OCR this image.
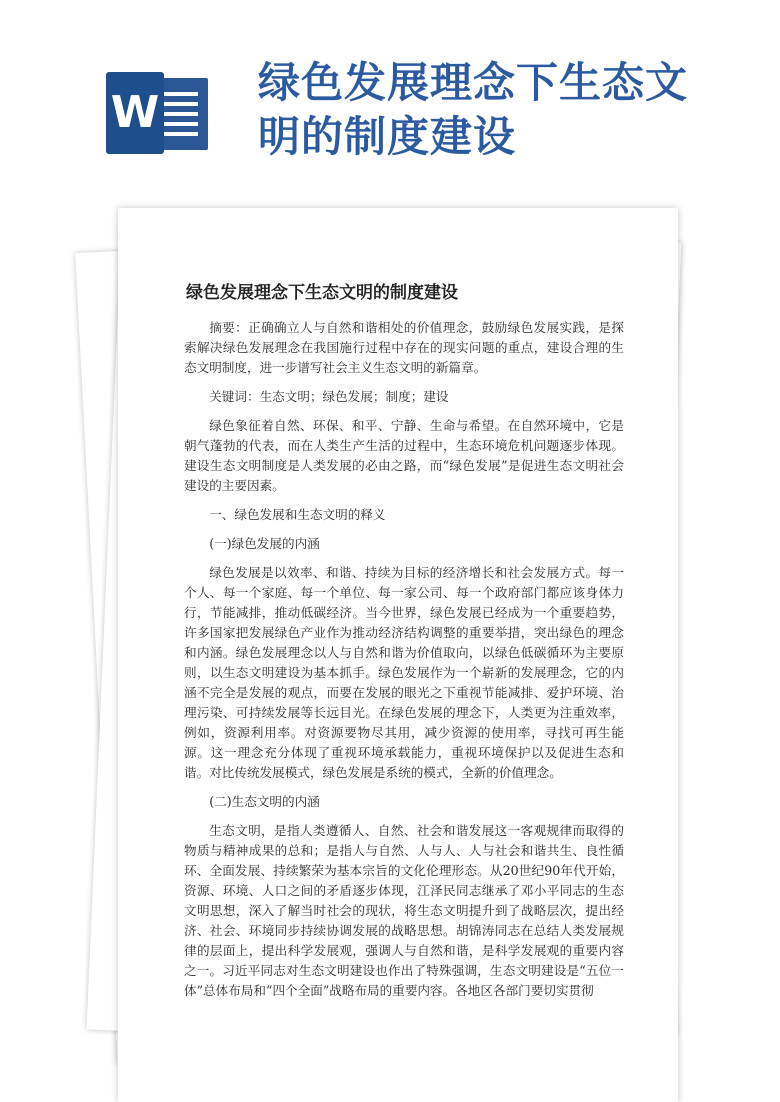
W
绿色发展理念下生态文明的制度建设
绿色发展理念下生态文明的制度建设

摘要：正确确立人与自然和谐相处的价值理念，鼓励绿色发展实践，是探索解决绿色发展理念在我国施行过程中存在的现实问题的重点，建设合理的生态文明制度，进一步谱写社会主义生态文明的新篇章。

关键词：生态文明；绿色发展；制度；建设

绿色象征着自然、环保、和平、宁静、生命与希望。在自然环境中，它是朝气蓬勃的代表，而在人类生产生活的过程中，生态环境危机问题逐步体现。建设生态文明制度是人类发展的必由之路，而“绿色发展”是促进生态文明社会建设的主要因素。

一、绿色发展和生态文明的释义

(一)绿色发展的内涵

绿色发展是以效率、和谐、持续为目标的经济增长和社会发展方式。每一个人、每一个家庭、每一个单位、每一家公司、每一个政府部门都应该身体力行，节能减排，推动低碳经济。当今世界，绿色发展已经成为一个重要趋势，许多国家把发展绿色产业作为推动经济结构调整的重要举措，突出绿色的理念和内涵。绿色发展理念以人与自然和谐为价值取向，以绿色低碳循环为主要原则，以生态文明建设为基本抓手。绿色发展作为一个崭新的发展理念，它的内涵不完全是发展的观点，而要在发展的眼光之下重视节能减排、爱护环境、治理污染、可持续发展等长远目光。在绿色发展的理念下，人类更为注重效率，例如，资源利用率。对资源要物尽其用，减少资源的使用率，寻找可再生能源。这一理念充分体现了重视环境承载能力，重视环境保护以及促进生态和谐。对比传统发展模式，绿色发展是系统的模式，全新的价值理念。

(二)生态文明的内涵

生态文明，是指人类遵循人、自然、社会和谐发展这一客观规律而取得的物质与精神成果的总和；是指人与自然、人与人、人与社会和谐共生、良性循环、全面发展、持续繁荣为基本宗旨的文化伦理形态。从20世纪90年代开始，资源、环境、人口之间的矛盾逐步体现，江泽民同志继承了邓小平同志的生态文明思想，深入了解当时社会的现状，将生态文明提升到了战略层次，提出经济、社会、环境同步持续协调发展的战略思想。胡锦涛同志在总结人类发展规律的层面上，提出科学发展观，强调人与自然和谐，是科学发展观的重要内容之一。习近平同志对生态文明建设也作出了特殊强调，生态文明建设是“五位一体”总体布局和“四个全面”战略布局的重要内容。各地区各部门要切实贯彻
